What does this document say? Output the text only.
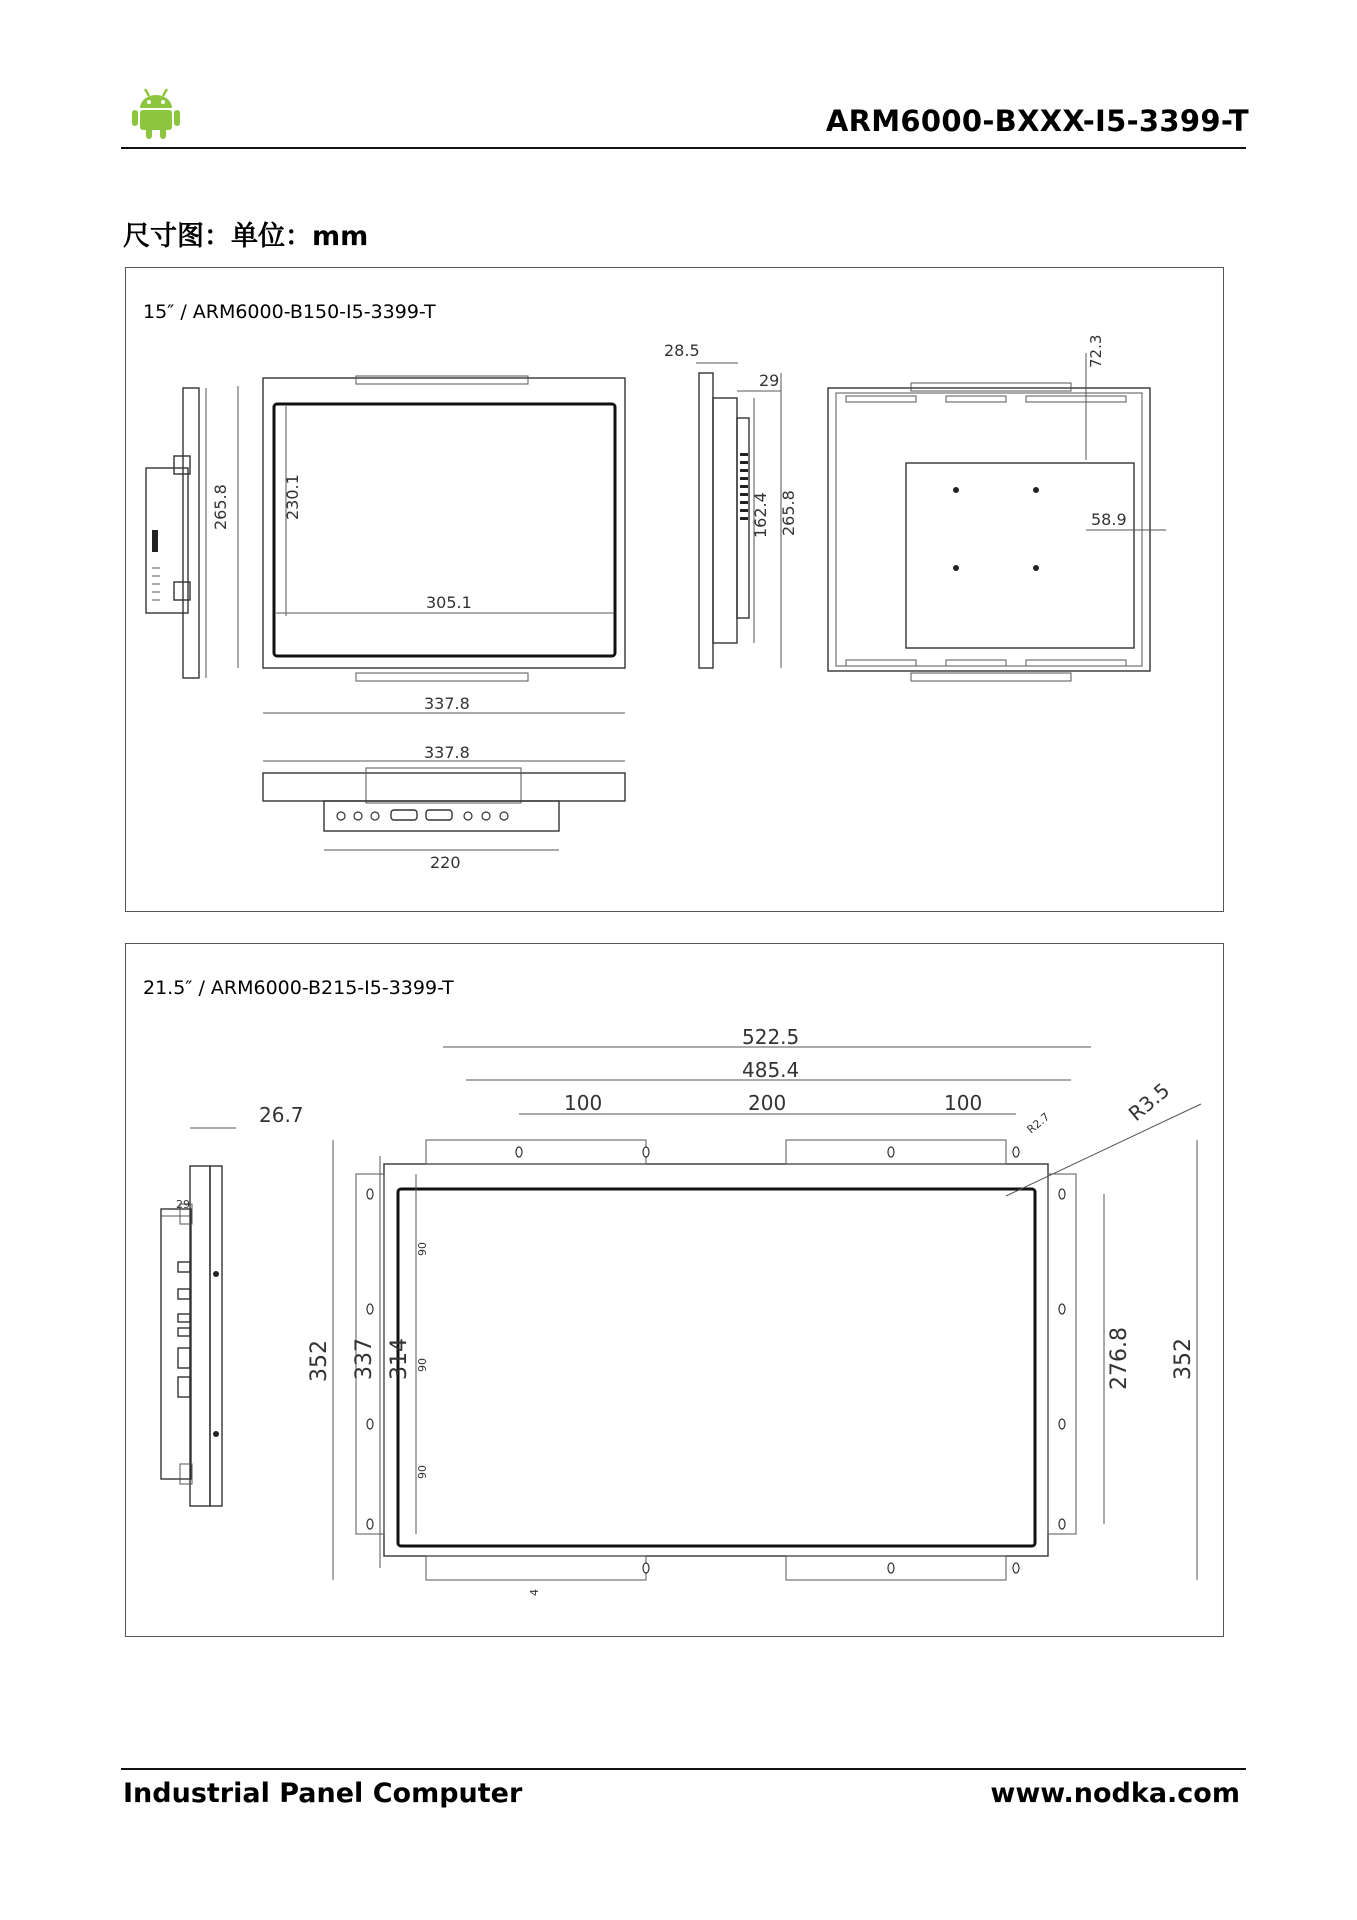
ARM6000-BXXX-I5-3399-T
尺寸图：单位：mm
15″ / ARM6000-B150-I5-3399-T
265.8	230.1
305.1
337.8
337.8
220
28.5
29
162.4 265.8
72.3
58.9
21.5″ / ARM6000-B215-I5-3399-T
26.7
29
522.5
485.4
100	200	100
R2.7	R3.5
352 337 314
90
90
90
276.8 352
4
Industrial Panel Computer	www.nodka.com
